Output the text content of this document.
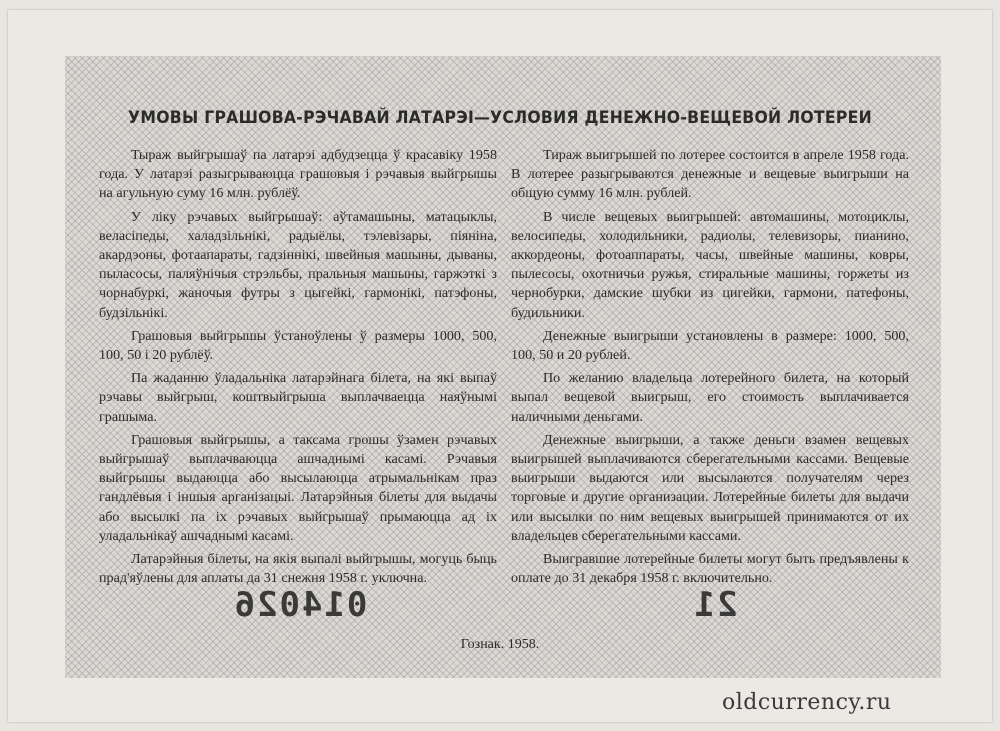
УМОВЫ ГРАШОВА-РЭЧАВАЙ ЛАТАРЭІ—УСЛОВИЯ ДЕНЕЖНО-ВЕЩЕВОЙ ЛОТЕРЕИ

Тыраж выйгрышаў па латарэі адбудзецца ў красавіку 1958 года. У латарэі разыгрываюцца грашовыя і рэчавыя выйгрышы на агульную суму 16 млн. рублёў.

У ліку рэчавых выйгрышаў: аўтамашыны, матацыклы, веласіпеды, халадзільнікі, радыёлы, тэлевізары, піяніна, акардэоны, фотаапараты, гадзіннікі, швейныя машыны, дываны, пыласосы, паляўнічыя стрэльбы, пральныя машыны, гаржэткі з чорнабуркі, жаночыя футры з цыгейкі, гармонікі, патэфоны, будзільнікі.

Грашовыя выйгрышы ўстаноўлены ў размеры 1000, 500, 100, 50 і 20 рублёў.

Па жаданню ўладальніка латарэйнага білета, на які выпаў рэчавы выйгрыш, коштвыйгрыша выплачваецца наяўнымі грашыма.

Грашовыя выйгрышы, а таксама грошы ўзамен рэчавых выйгрышаў выплачваюцца ашчаднымі касамі. Рэчавыя выйгрышы выдаюцца або высылаюцца атрымальнікам праз гандлёвыя і іншыя арганізацыі. Латарэйныя білеты для выдачы або высылкі па іх рэчавых выйгрышаў прымаюцца ад іх уладальнікаў ашчаднымі касамі.

Латарэйныя білеты, на якія выпалі выйгрышы, могуць быць прад'яўлены для аплаты да 31 снежня 1958 г. уключна.

Тираж выигрышей по лотерее состоится в апреле 1958 года. В лотерее разыгрываются денежные и вещевые выигрыши на общую сумму 16 млн. рублей.

В числе вещевых выигрышей: автомашины, мотоциклы, велосипеды, холодильники, радиолы, телевизоры, пианино, аккордеоны, фотоаппараты, часы, швейные машины, ковры, пылесосы, охотничьи ружья, стиральные машины, горжеты из чернобурки, дамские шубки из цигейки, гармони, патефоны, будильники.

Денежные выигрыши установлены в размере: 1000, 500, 100, 50 и 20 рублей.

По желанию владельца лотерейного билета, на который выпал вещевой выигрыш, его стоимость выплачивается наличными деньгами.

Денежные выигрыши, а также деньги взамен вещевых выигрышей выплачиваются сберегательными кассами. Вещевые выигрыши выдаются или высылаются получателям через торговые и другие организации. Лотерейные билеты для выдачи или высылки по ним вещевых выигрышей принимаются от их владельцев сберегательными кассами.

Выигравшие лотерейные билеты могут быть предъявлены к оплате до 31 декабря 1958 г. включительно.

014026	21
Гознак. 1958.
oldcurrency.ru
